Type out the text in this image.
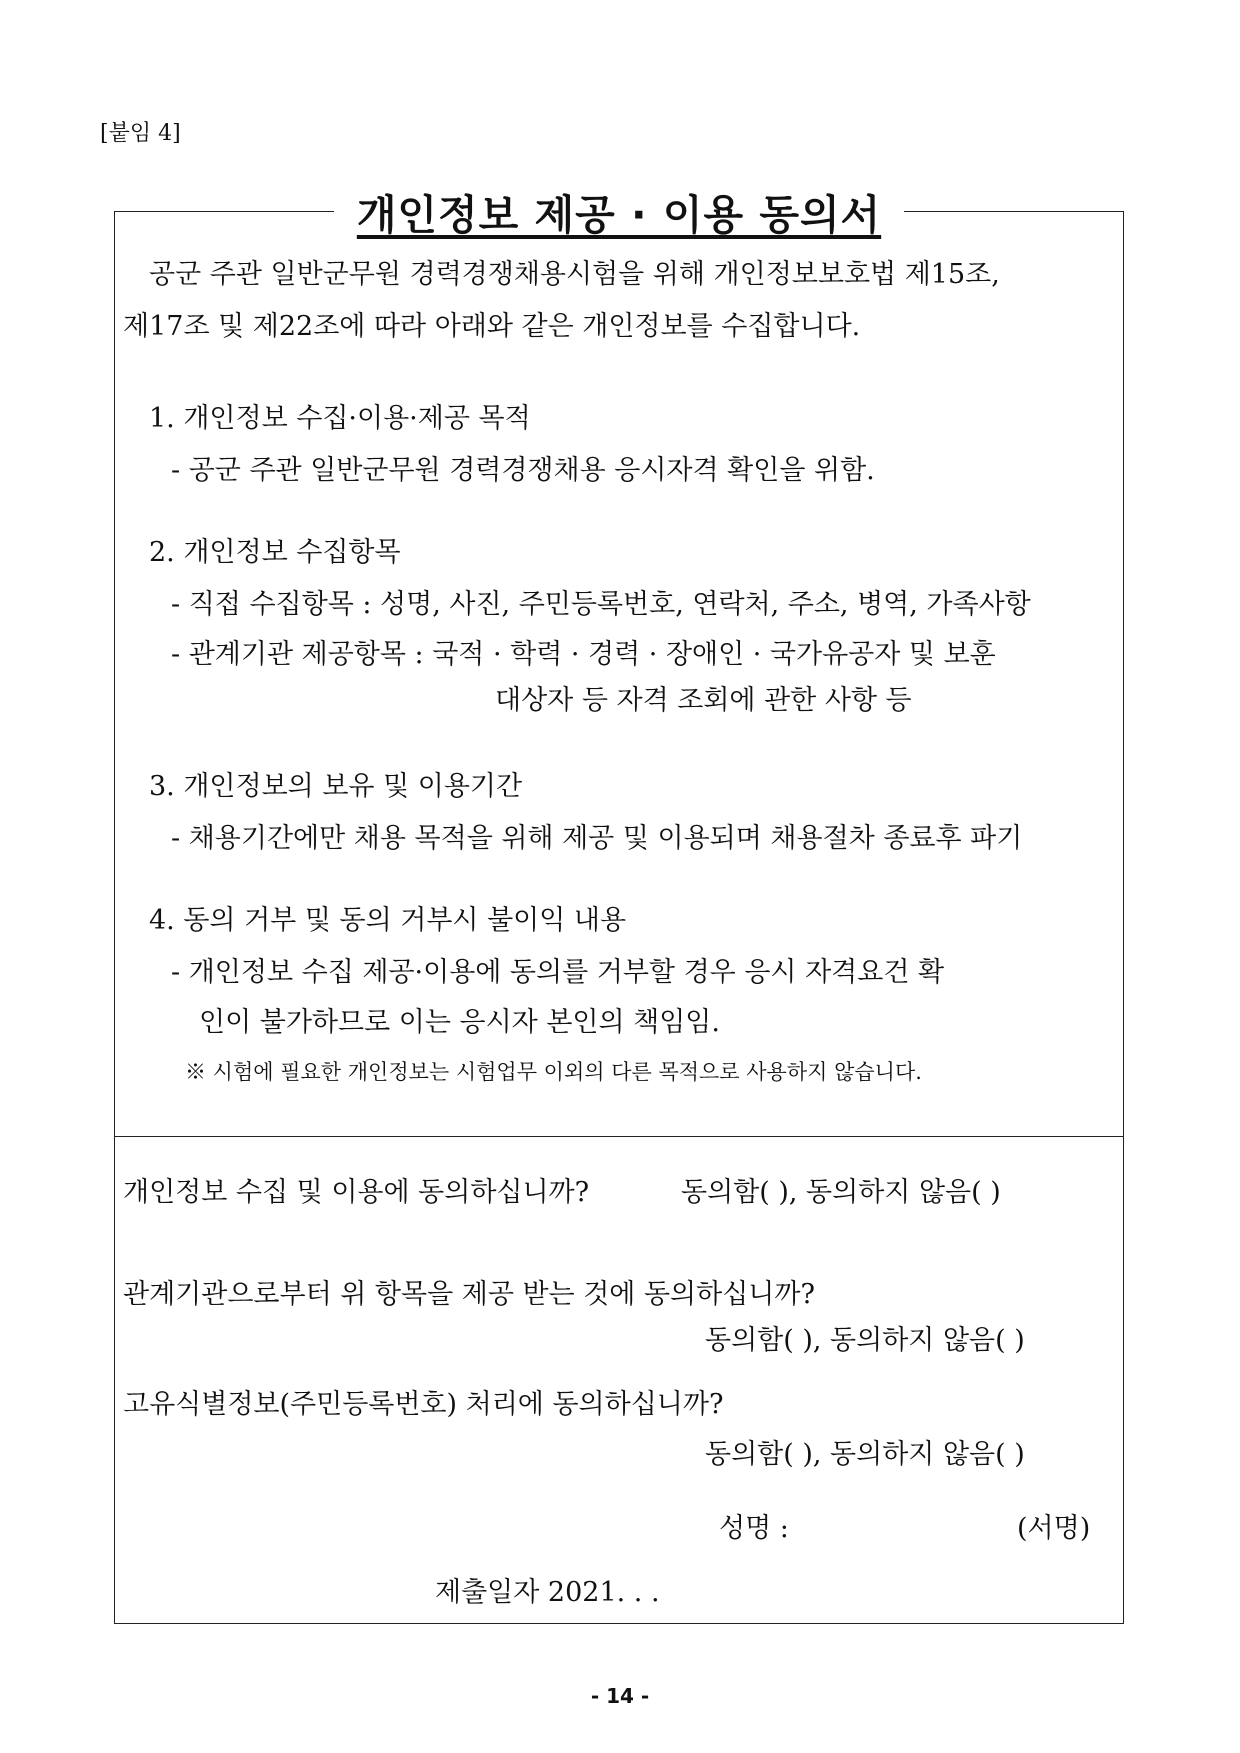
[붙임 4]
공군 주관 일반군무원 경력경쟁채용시험을 위해 개인정보보호법 제15조,
제17조 및 제22조에 따라 아래와 같은 개인정보를 수집합니다.
1. 개인정보 수집·이용·제공 목적
- 공군 주관 일반군무원 경력경쟁채용 응시자격 확인을 위함.
2. 개인정보 수집항목
- 직접 수집항목 : 성명, 사진, 주민등록번호, 연락처, 주소, 병역, 가족사항
- 관계기관 제공항목 : 국적 · 학력 · 경력 · 장애인 · 국가유공자 및 보훈
대상자 등 자격 조회에 관한 사항 등
3. 개인정보의 보유 및 이용기간
- 채용기간에만 채용 목적을 위해 제공 및 이용되며 채용절차 종료후 파기
4. 동의 거부 및 동의 거부시 불이익 내용
- 개인정보 수집 제공·이용에 동의를 거부할 경우 응시 자격요건 확
인이 불가하므로 이는 응시자 본인의 책임임.
※ 시험에 필요한 개인정보는 시험업무 이외의 다른 목적으로 사용하지 않습니다.
개인정보 수집 및 이용에 동의하십니까?	동의함( ), 동의하지 않음( )
관계기관으로부터 위 항목을 제공 받는 것에 동의하십니까?
동의함( ), 동의하지 않음( )
고유식별정보(주민등록번호) 처리에 동의하십니까?
동의함( ), 동의하지 않음( )
성명 :	(서명)
제출일자 2021. . .
개인정보 제공 · 이용 동의서
- 14 -
